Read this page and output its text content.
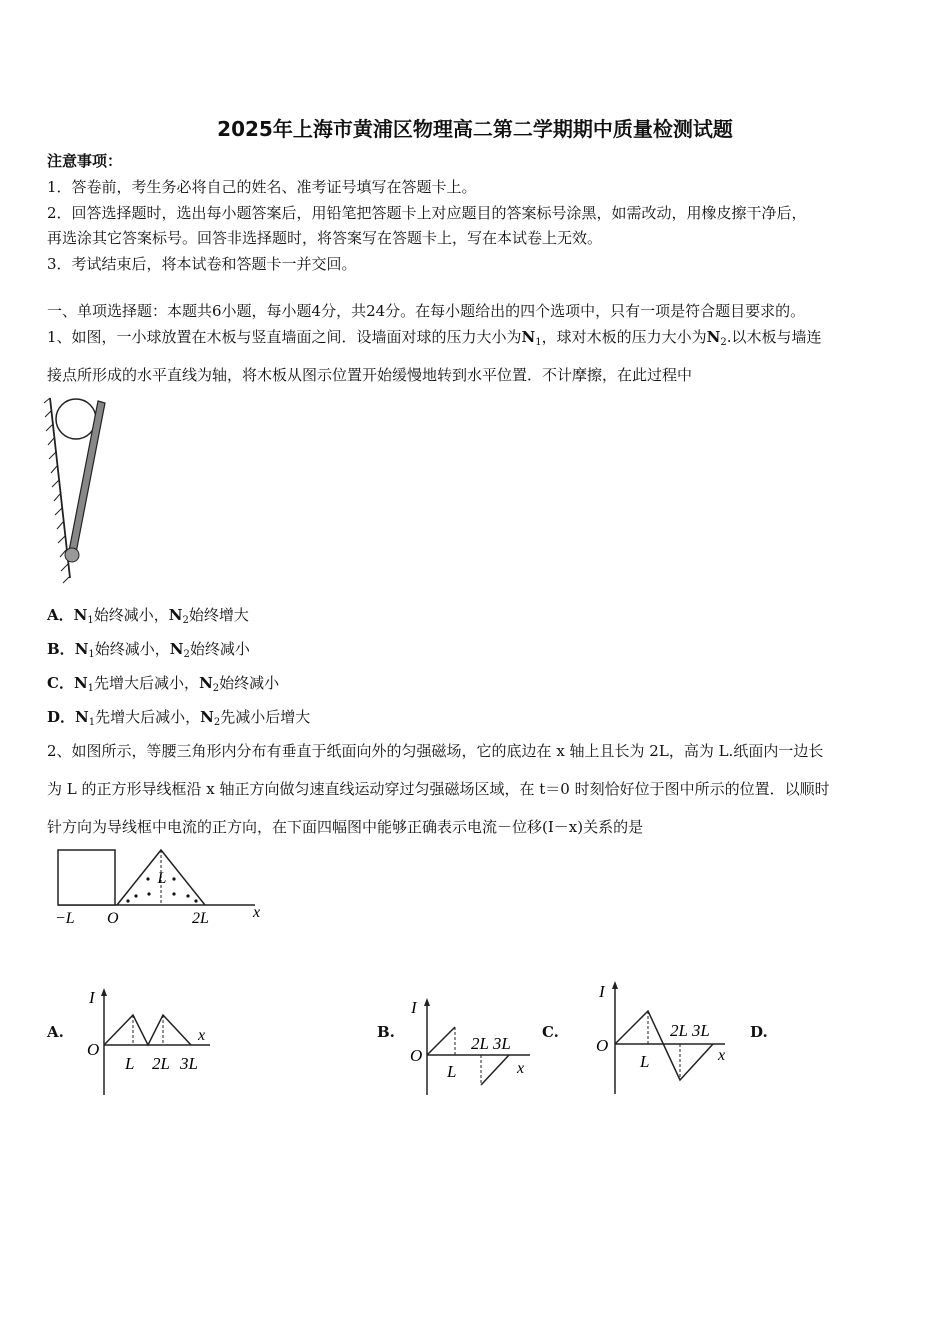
2025年上海市黄浦区物理高二第二学期期中质量检测试题
注意事项：
1．答卷前，考生务必将自己的姓名、准考证号填写在答题卡上。
2．回答选择题时，选出每小题答案后，用铅笔把答题卡上对应题目的答案标号涂黑，如需改动，用橡皮擦干净后，
再选涂其它答案标号。回答非选择题时，将答案写在答题卡上，写在本试卷上无效。
3．考试结束后，将本试卷和答题卡一并交回。
一、单项选择题：本题共6小题，每小题4分，共24分。在每小题给出的四个选项中，只有一项是符合题目要求的。
1、如图，一小球放置在木板与竖直墙面之间．设墙面对球的压力大小为$N_1$，球对木板的压力大小为$N_2$.以木板与墙连
接点所形成的水平直线为轴，将木板从图示位置开始缓慢地转到水平位置．不计摩擦，在此过程中
A．$N_1$始终减小，$N_2$始终增大
B．$N_1$始终减小，$N_2$始终减小
C．$N_1$先增大后减小，$N_2$始终减小
D．$N_1$先增大后减小，$N_2$先减小后增大
2、如图所示，等腰三角形内分布有垂直于纸面向外的匀强磁场，它的底边在 x 轴上且长为 2L，高为 L.纸面内一边长
为 L 的正方形导线框沿 x 轴正方向做匀速直线运动穿过匀强磁场区域，在 t＝0 时刻恰好位于图中所示的位置．以顺时
针方向为导线框中电流的正方向，在下面四幅图中能够正确表示电流－位移(I－x)关系的是
L
−L O	2L	x
A.	B.	C.	D.
I
O
x
L 2L 3L
I
O
x
L
2L 3L
I
O
x
L
2L 3L
